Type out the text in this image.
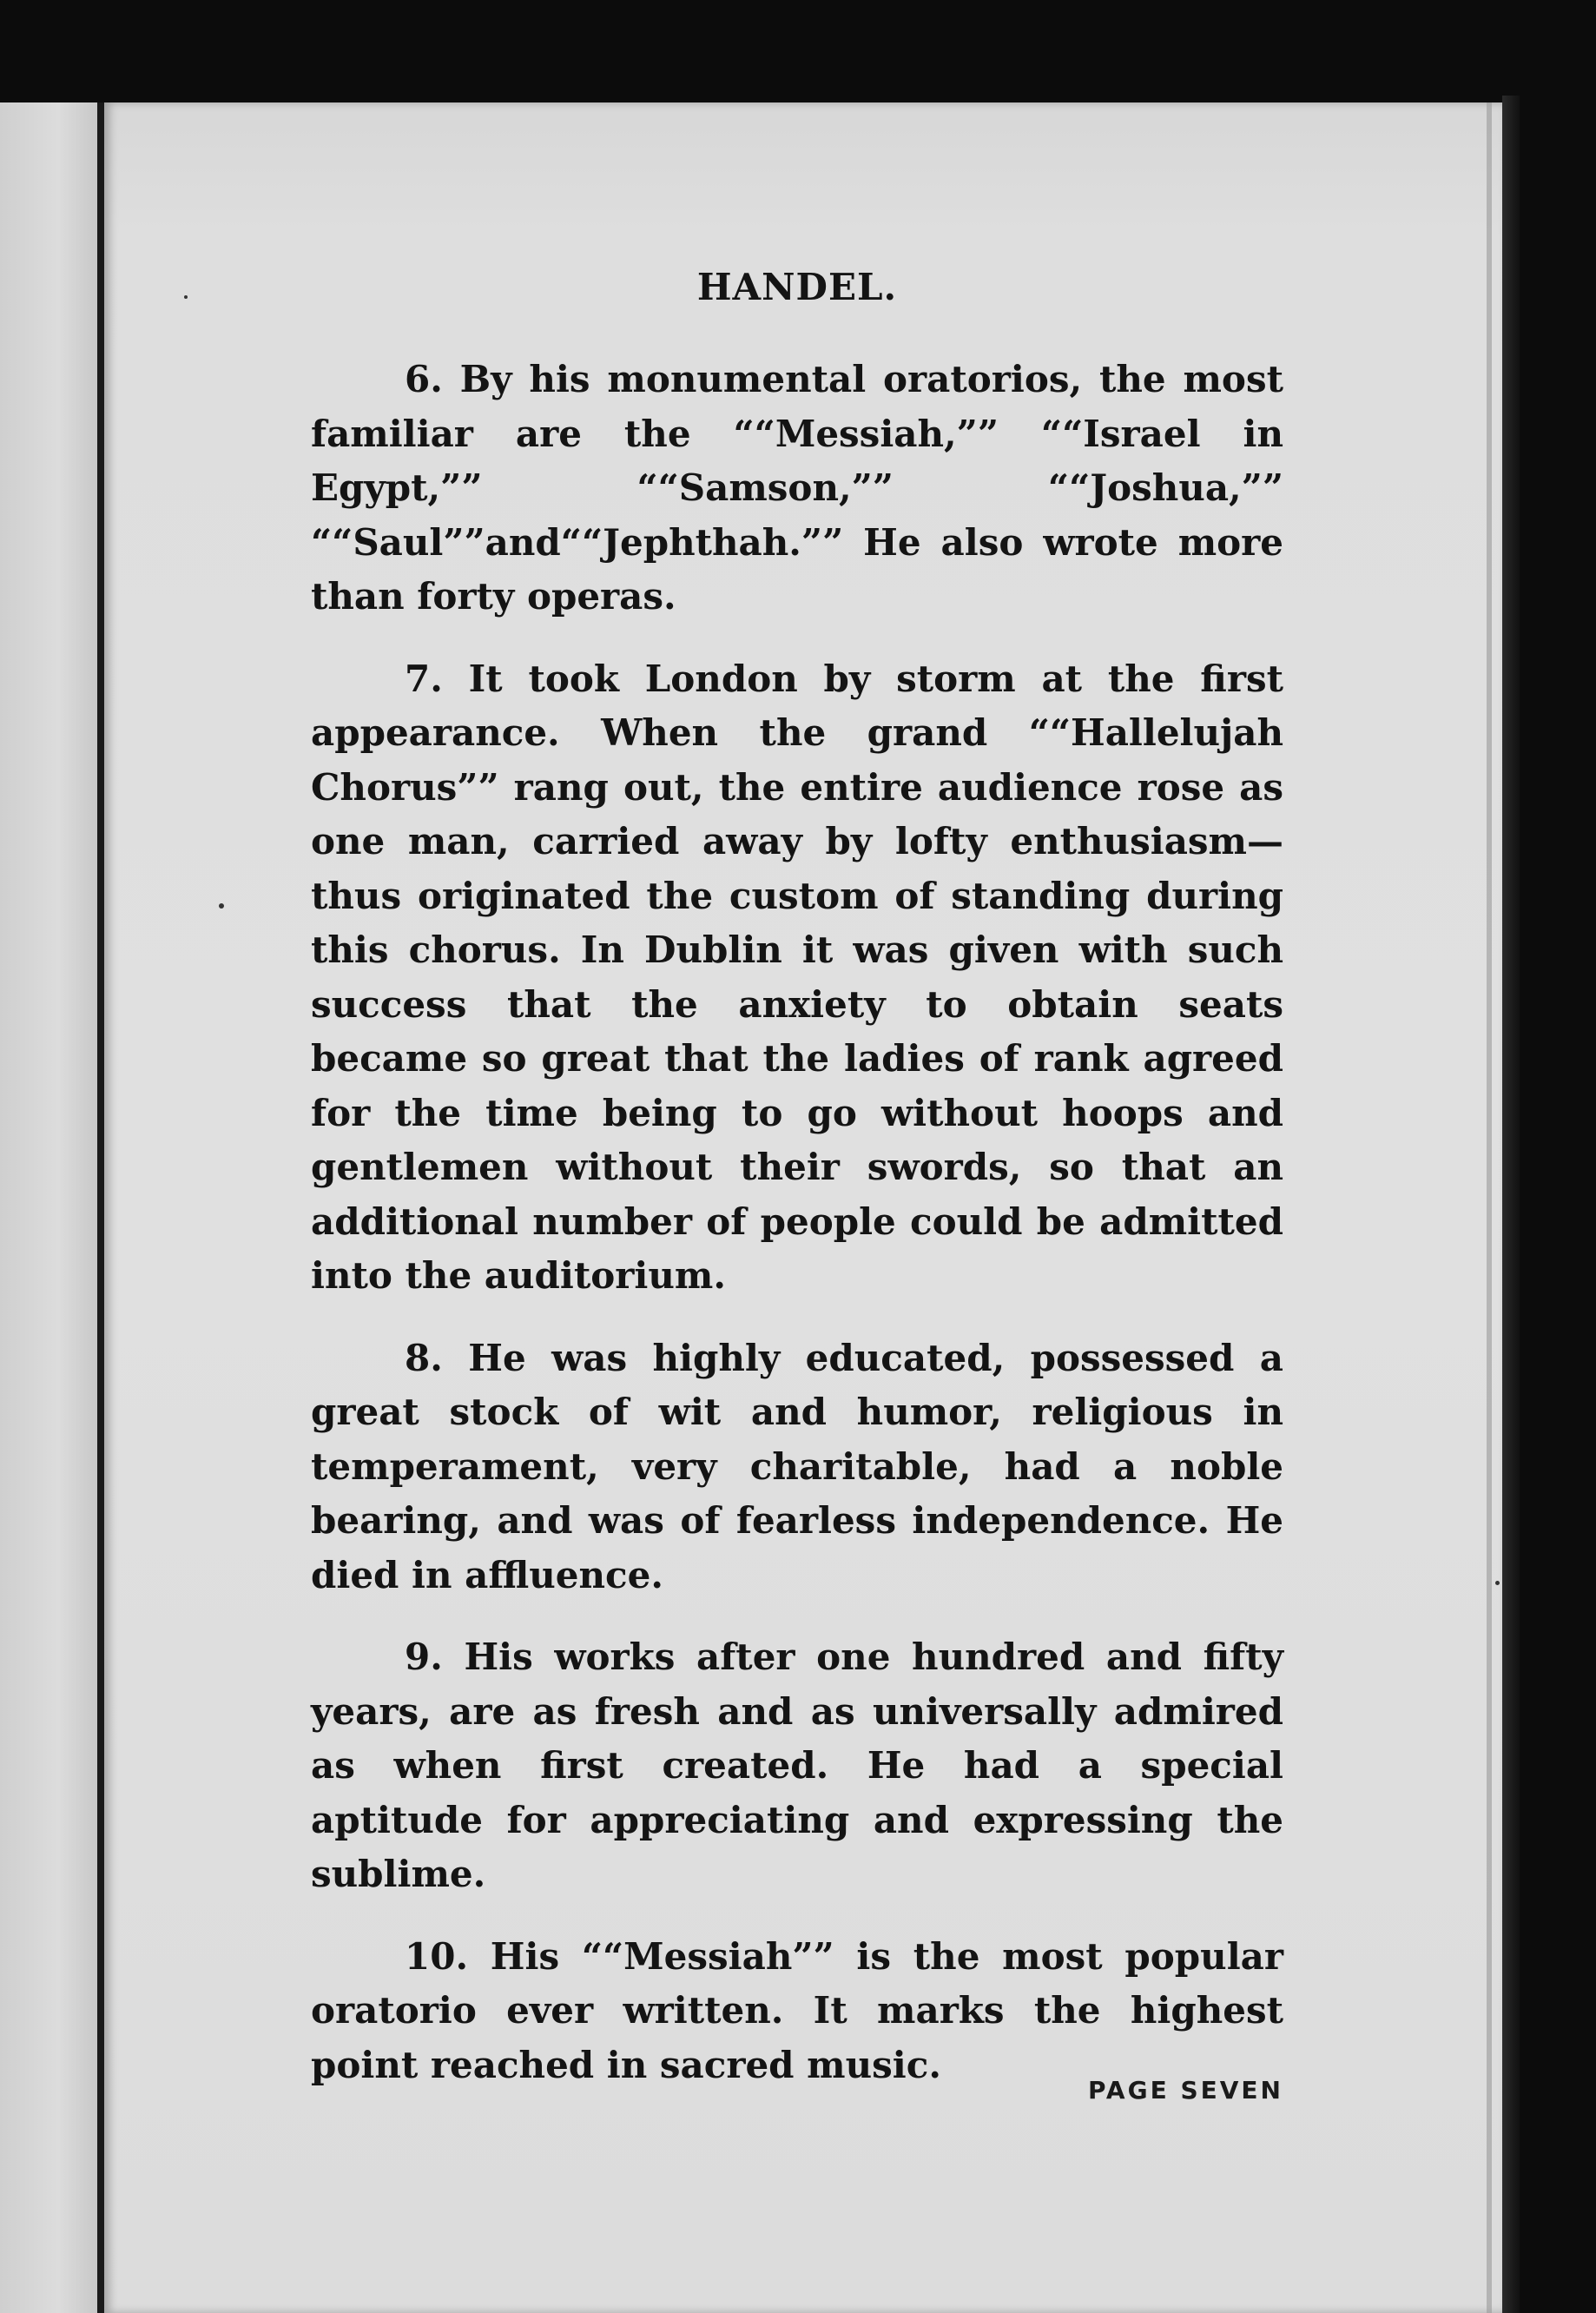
HANDEL.

6. By his monumental oratorios, the most familiar are the ““Messiah,”” ““Israel in Egypt,”” ““Samson,”” ““Joshua,”” ““Saul””and““Jephthah.”” He also wrote more than forty operas.

7. It took London by storm at the first appearance. When the grand ““Hallelujah Chorus”” rang out, the entire audience rose as one man, carried away by lofty enthusiasm—thus originated the custom of standing during this chorus. In Dublin it was given with such success that the anxiety to obtain seats became so great that the ladies of rank agreed for the time being to go without hoops and gentlemen without their swords, so that an additional number of people could be admitted into the auditorium.

8. He was highly educated, possessed a great stock of wit and humor, religious in temperament, very charitable, had a noble bearing, and was of fearless independence. He died in affluence.

9. His works after one hundred and fifty years, are as fresh and as universally admired as when first created. He had a special aptitude for appreciating and expressing the sublime.

10. His ““Messiah”” is the most popular oratorio ever written. It marks the highest point reached in sacred music.

PAGE SEVEN
